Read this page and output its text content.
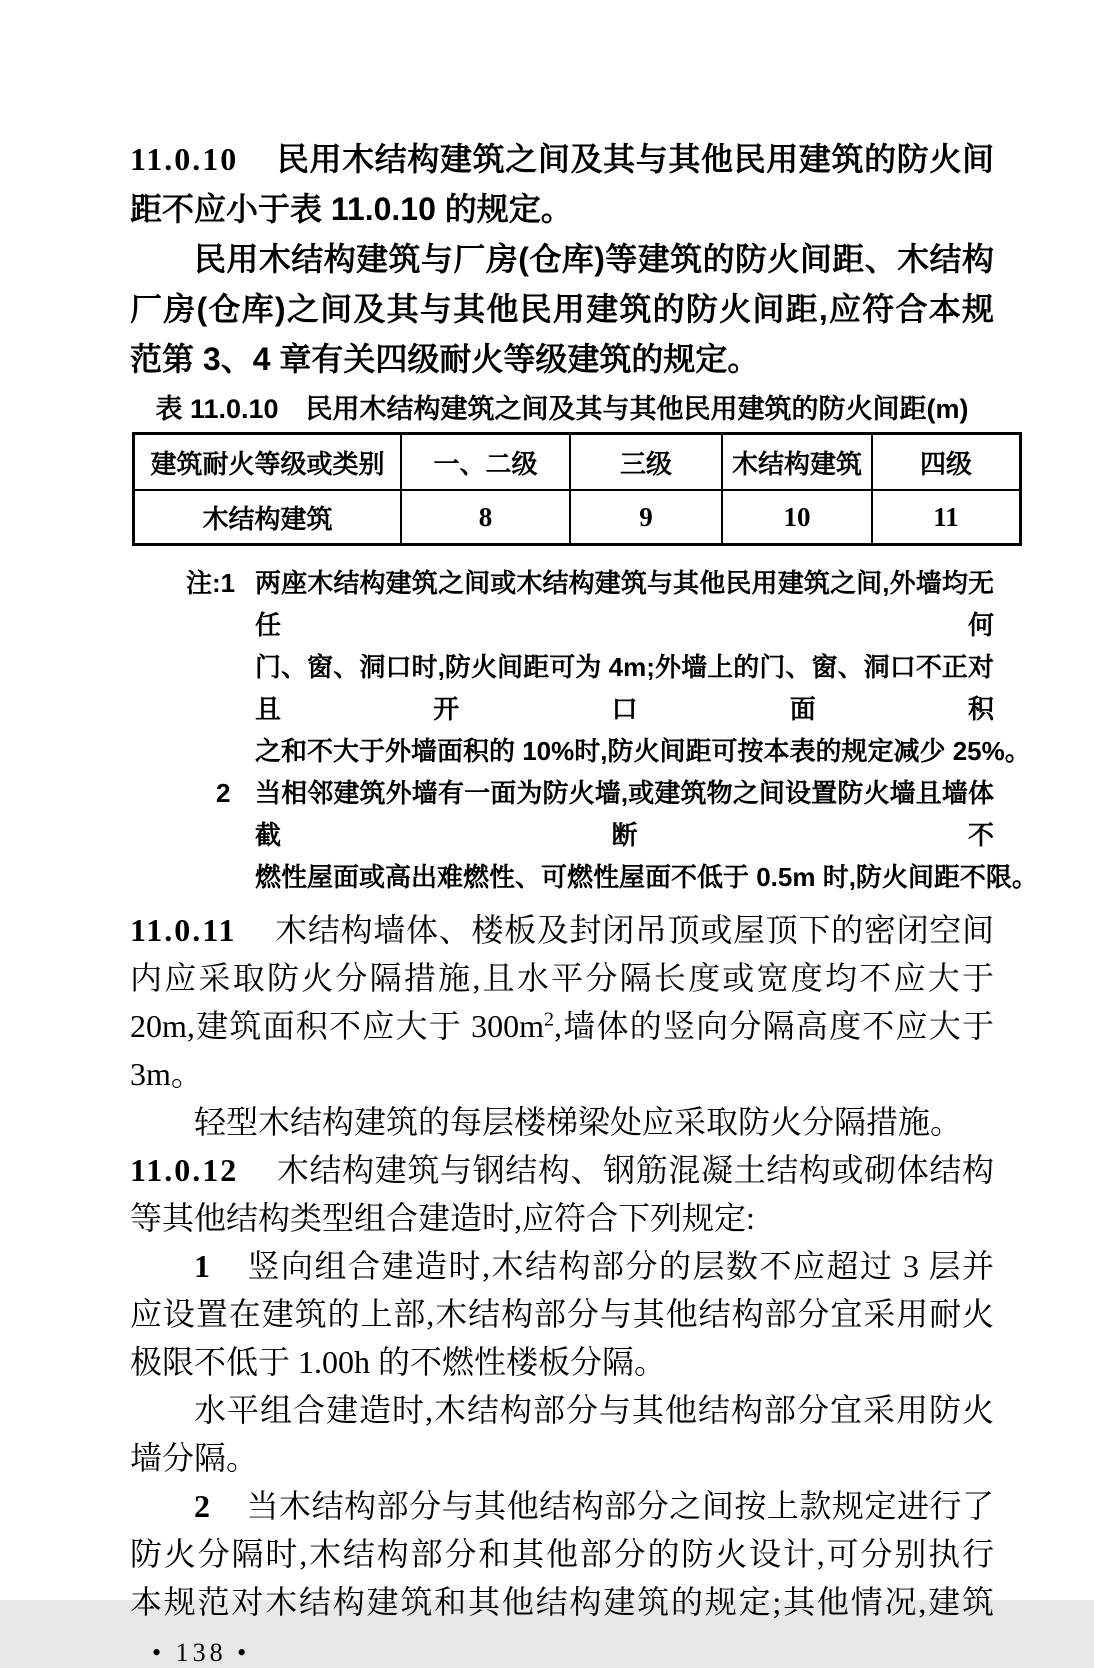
11.0.10 民用木结构建筑之间及其与其他民用建筑的防火间
距不应小于表 11.0.10 的规定。
民用木结构建筑与厂房(仓库)等建筑的防火间距、木结构
厂房(仓库)之间及其与其他民用建筑的防火间距,应符合本规
范第 3、4 章有关四级耐火等级建筑的规定。
表 11.0.10　民用木结构建筑之间及其与其他民用建筑的防火间距(m)
建筑耐火等级或类别	一、二级	三级	木结构建筑	四级
木结构建筑	8	9	10	11
注:1 两座木结构建筑之间或木结构建筑与其他民用建筑之间,外墙均无任何
门、窗、洞口时,防火间距可为 4m;外墙上的门、窗、洞口不正对且开口面积
之和不大于外墙面积的 10%时,防火间距可按本表的规定减少 25%。
2 当相邻建筑外墙有一面为防火墙,或建筑物之间设置防火墙且墙体截断不
燃性屋面或高出难燃性、可燃性屋面不低于 0.5m 时,防火间距不限。
11.0.11 木结构墙体、楼板及封闭吊顶或屋顶下的密闭空间
内应采取防火分隔措施,且水平分隔长度或宽度均不应大于
20m,建筑面积不应大于 $300m^2$,墙体的竖向分隔高度不应大于
3m。
轻型木结构建筑的每层楼梯梁处应采取防火分隔措施。
11.0.12 木结构建筑与钢结构、钢筋混凝土结构或砌体结构
等其他结构类型组合建造时,应符合下列规定:
1 竖向组合建造时,木结构部分的层数不应超过 3 层并
应设置在建筑的上部,木结构部分与其他结构部分宜采用耐火
极限不低于 1.00h 的不燃性楼板分隔。
水平组合建造时,木结构部分与其他结构部分宜采用防火
墙分隔。
2 当木结构部分与其他结构部分之间按上款规定进行了
防火分隔时,木结构部分和其他部分的防火设计,可分别执行
本规范对木结构建筑和其他结构建筑的规定;其他情况,建筑
• 138 •
